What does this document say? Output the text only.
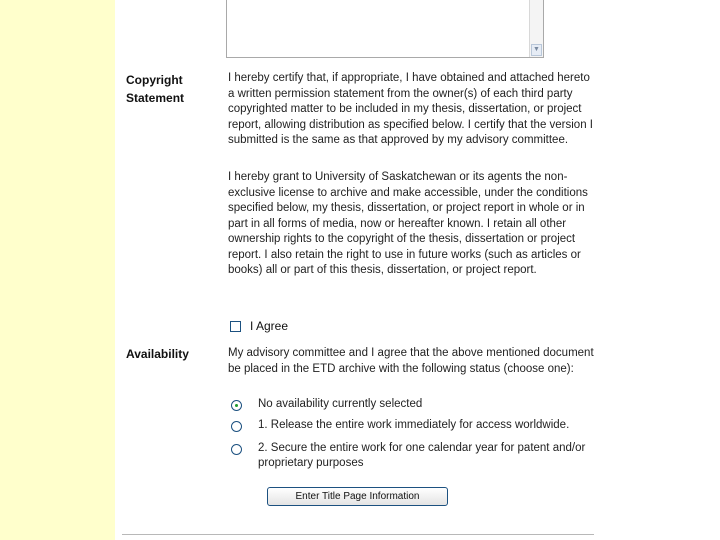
▼
Copyright Statement
I hereby certify that, if appropriate, I have obtained and attached hereto a written permission statement from the owner(s) of each third party copyrighted matter to be included in my thesis, dissertation, or project report, allowing distribution as specified below. I certify that the version I submitted is the same as that approved by my advisory committee.
I hereby grant to University of Saskatchewan or its agents the non-exclusive license to archive and make accessible, under the conditions specified below, my thesis, dissertation, or project report in whole or in part in all forms of media, now or hereafter known. I retain all other ownership rights to the copyright of the thesis, dissertation or project report. I also retain the right to use in future works (such as articles or books) all or part of this thesis, dissertation, or project report.
I Agree
Availability	My advisory committee and I agree that the above mentioned document be placed in the ETD archive with the following status (choose one):
No availability currently selected
1. Release the entire work immediately for access worldwide.
2. Secure the entire work for one calendar year for patent and/or proprietary purposes
Enter Title Page Information
